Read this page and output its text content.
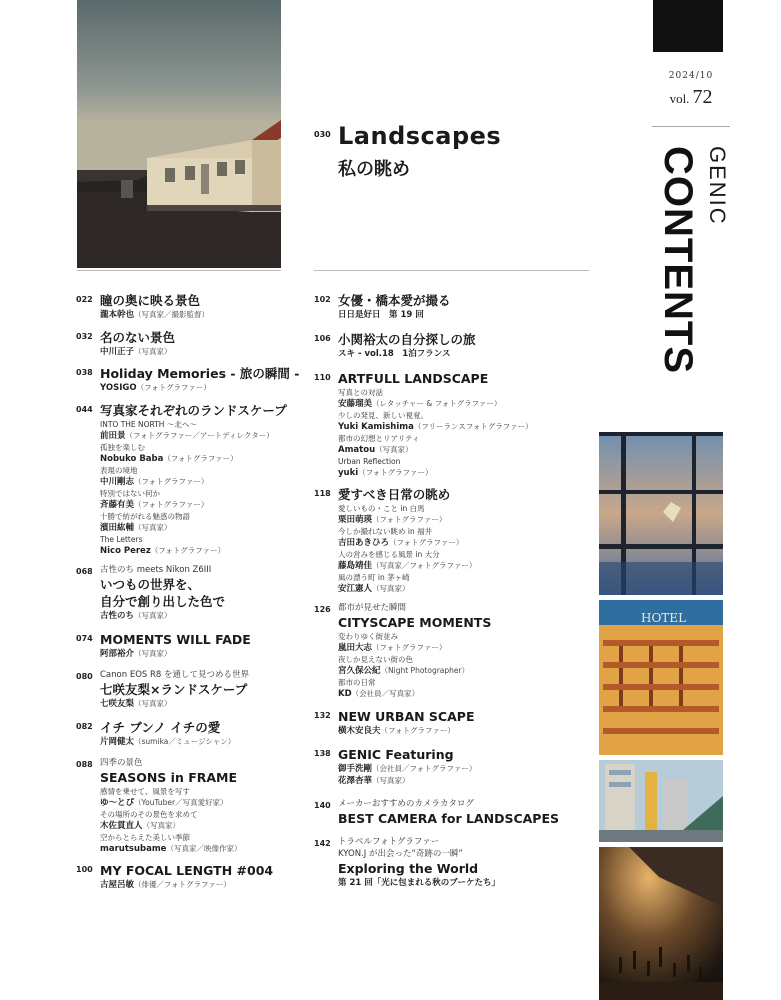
030 Landscapes
私の眺め
2024/10
vol. 72
GENIC
CONTENTS
022 瞳の奥に映る景色
瀧本幹也（写真家／撮影監督）
032 名のない景色
中川正子（写真家）
038 Holiday Memories - 旅の瞬間 -
YOSIGO（フォトグラファー）
044 写真家それぞれのランドスケープ
INTO THE NORTH 〜北へ〜
前田景（フォトグラファー／アートディレクター）
孤独を楽しむ
Nobuko Baba（フォトグラファー）
表現の境地
中川剛志（フォトグラファー）
特別ではない何か
斉藤有美（フォトグラファー）
十勝で紡がれる魅惑の物語
濱田紘輔（写真家）
The Letters
Nico Perez（フォトグラファー）
068 古性のち meets Nikon Z6III
いつもの世界を、
自分で創り出した色で
古性のち（写真家）
074 MOMENTS WILL FADE
阿部裕介（写真家）
080 Canon EOS R8 を通して見つめる世界
七咲友梨×ランドスケープ
七咲友梨（写真家）
082 イチ ブンノ イチの愛
片岡健太（sumika／ミュージシャン）
088 四季の景色
SEASONS in FRAME
感情を乗せて、風景を写す
ゆ〜とぴ（YouTuber／写真愛好家）
その場所のその景色を求めて
木佐貫直人（写真家）
空からとらえた美しい季節
marutsubame（写真家／映像作家）
100 MY FOCAL LENGTH #004
古屋呂敏（俳優／フォトグラファー）
102 女優・橋本愛が撮る
日日是好日　第 19 回
106 小関裕太の自分探しの旅
スキ - vol.18　1泊フランス
110 ARTFULL LANDSCAPE
写真との対話
安藤瑠美（レタッチャー & フォトグラファー）
少しの発見、新しい視覚。
Yuki Kamishima（フリーランスフォトグラファー）
都市の幻想とリアリティ
Amatou（写真家）
Urban Reflection
yuki（フォトグラファー）
118 愛すべき日常の眺め
愛しいもの・こと in 白馬
栗田萌瑛（フォトグラファー）
今しか撮れない眺め in 福井
吉田あきひろ（フォトグラファー）
人の営みを感じる風景 in 大分
藤島靖佳（写真家／フォトグラファー）
風の漂う町 in 茅ヶ崎
安江憲人（写真家）
126 都市が見せた瞬間
CITYSCAPE MOMENTS
変わりゆく街並み
嵐田大志（フォトグラファー）
夜しか見えない街の色
宮久保公紀（Night Photographer）
都市の日常
KD（会社員／写真家）
132 NEW URBAN SCAPE
横木安良夫（フォトグラファー）
138 GENIC Featuring
御手洗剛（会社員／フォトグラファー）
花澤杏華（写真家）
140 メーカーおすすめのカメラカタログ
BEST CAMERA for LANDSCAPES
142 トラベルフォトグラファー
KYON.J が出会った“奇跡の一瞬”
Exploring the World
第 21 回「光に包まれる秋のブーケたち」
HOTEL
